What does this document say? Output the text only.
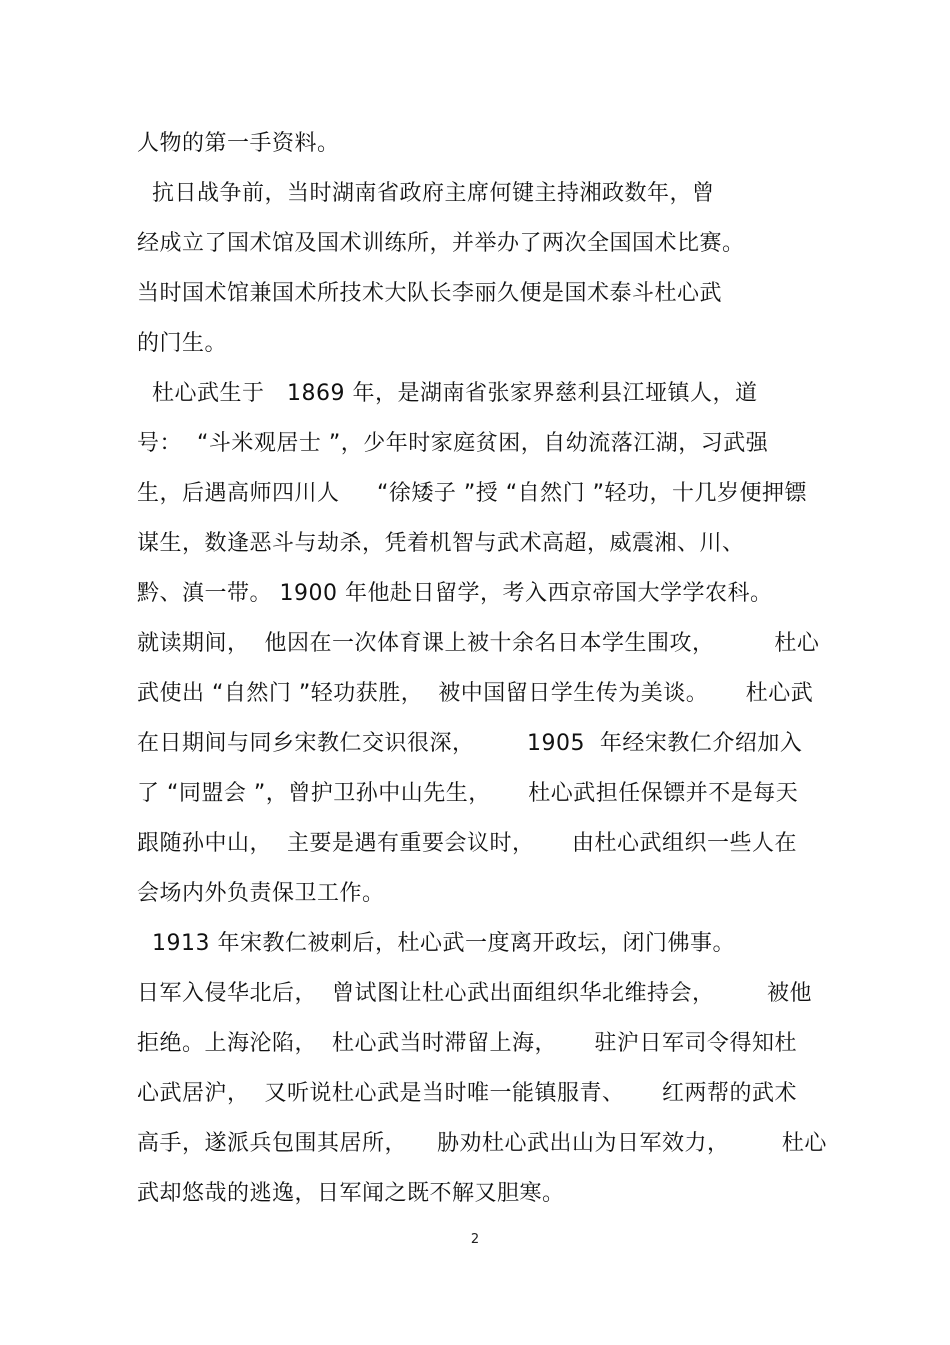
人物的第一手资料。
抗日战争前，当时湖南省政府主席何键主持湘政数年，曾
经成立了国术馆及国术训练所，并举办了两次全国国术比赛。
当时国术馆兼国术所技术大队长李丽久便是国术泰斗杜心武
的门生。
杜心武生于   1869 年，是湖南省张家界慈利县江垭镇人，道
号：  “斗米观居士 ”，少年时家庭贫困，自幼流落江湖，习武强
生，后遇高师四川人     “徐矮子 ”授 “自然门 ”轻功，十几岁便押镖
谋生，数逢恶斗与劫杀，凭着机智与武术高超，威震湘、川、
黔、滇一带。 1900 年他赴日留学，考入西京帝国大学学农科。
就读期间，  他因在一次体育课上被十余名日本学生围攻，        杜心
武使出 “自然门 ”轻功获胜，  被中国留日学生传为美谈。     杜心武
在日期间与同乡宋教仁交识很深，       1905  年经宋教仁介绍加入
了 “同盟会 ”，曾护卫孙中山先生，     杜心武担任保镖并不是每天
跟随孙中山，  主要是遇有重要会议时，     由杜心武组织一些人在
会场内外负责保卫工作。
1913 年宋教仁被刺后，杜心武一度离开政坛，闭门佛事。
日军入侵华北后，  曾试图让杜心武出面组织华北维持会，       被他
拒绝。上海沦陷，  杜心武当时滞留上海，     驻沪日军司令得知杜
心武居沪，  又听说杜心武是当时唯一能镇服青、     红两帮的武术
高手，遂派兵包围其居所，    胁劝杜心武出山为日军效力，       杜心
武却悠哉的逃逸，日军闻之既不解又胆寒。
2
